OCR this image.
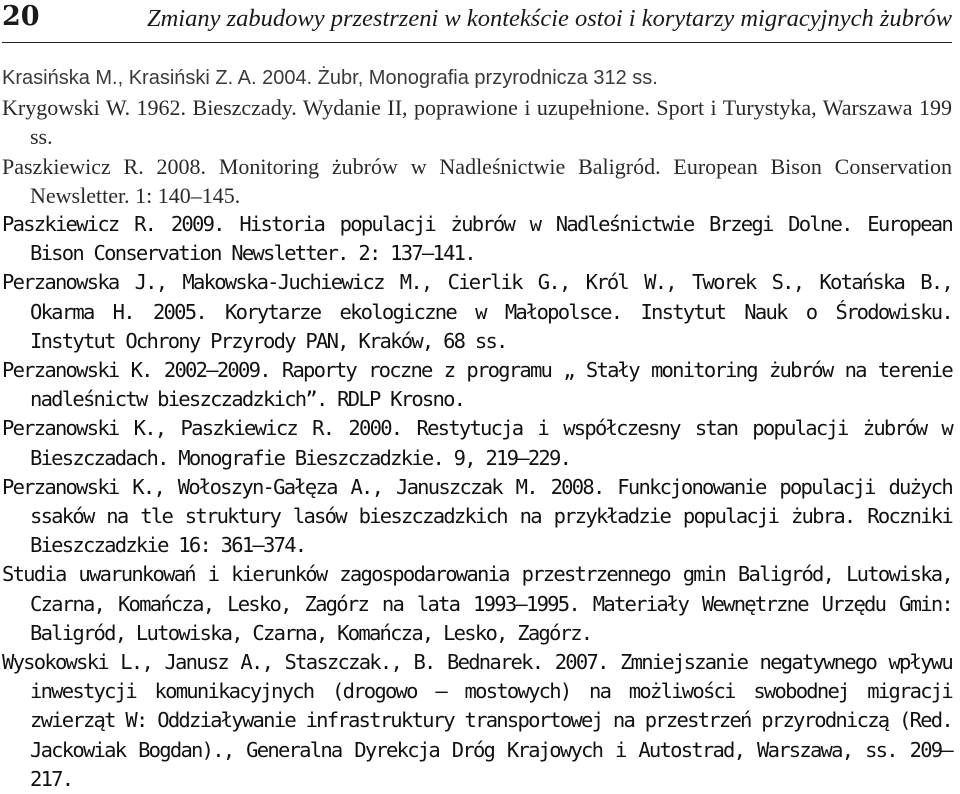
20	Zmiany zabudowy przestrzeni w kontekście ostoi i korytarzy migracyjnych żubrów
Krasińska M., Krasiński Z. A. 2004. Żubr, Monografia przyrodnicza 312 ss.
Krygowski W. 1962. Bieszczady. Wydanie II, poprawione i uzupełnione. Sport i Turystyka, Warszawa 199 ss.
Paszkiewicz R. 2008. Monitoring żubrów w Nadleśnictwie Baligród. European Bison Conservation Newsletter. 1: 140–145.
Paszkiewicz R. 2009. Historia populacji żubrów w Nadleśnictwie Brzegi Dolne. European Bison Conservation Newsletter. 2: 137–141.
Perzanowska J., Makowska-Juchiewicz M., Cierlik G., Król W., Tworek S., Kotańska B., Okarma H. 2005. Korytarze ekologiczne w Małopolsce. Instytut Nauk o Środowisku. Instytut Ochrony Przyrody PAN, Kraków, 68 ss.
Perzanowski K. 2002–2009. Raporty roczne z programu „ Stały monitoring żubrów na terenie nadleśnictw bieszczadzkich”. RDLP Krosno.
Perzanowski K., Paszkiewicz R. 2000. Restytucja i współczesny stan populacji żubrów w Bieszczadach. Monografie Bieszczadzkie. 9, 219–229.
Perzanowski K., Wołoszyn-Gałęza A., Januszczak M. 2008. Funkcjonowanie populacji dużych ssaków na tle struktury lasów bieszczadzkich na przykładzie populacji żubra. Roczniki Bieszczadzkie 16: 361–374.
Studia uwarunkowań i kierunków zagospodarowania przestrzennego gmin Baligród, Lutowiska, Czarna, Komańcza, Lesko, Zagórz na lata 1993–1995. Materiały Wewnętrzne Urzędu Gmin: Baligród, Lutowiska, Czarna, Komańcza, Lesko, Zagórz.
Wysokowski L., Janusz A., Staszczak., B. Bednarek. 2007. Zmniejszanie negatywnego wpływu inwestycji komunikacyjnych (drogowo – mostowych) na możliwości swobodnej migracji zwierząt W: Oddziaływanie infrastruktury transportowej na przestrzeń przyrodniczą (Red. Jackowiak Bogdan)., Generalna Dyrekcja Dróg Krajowych i Autostrad, Warszawa, ss. 209–217.
